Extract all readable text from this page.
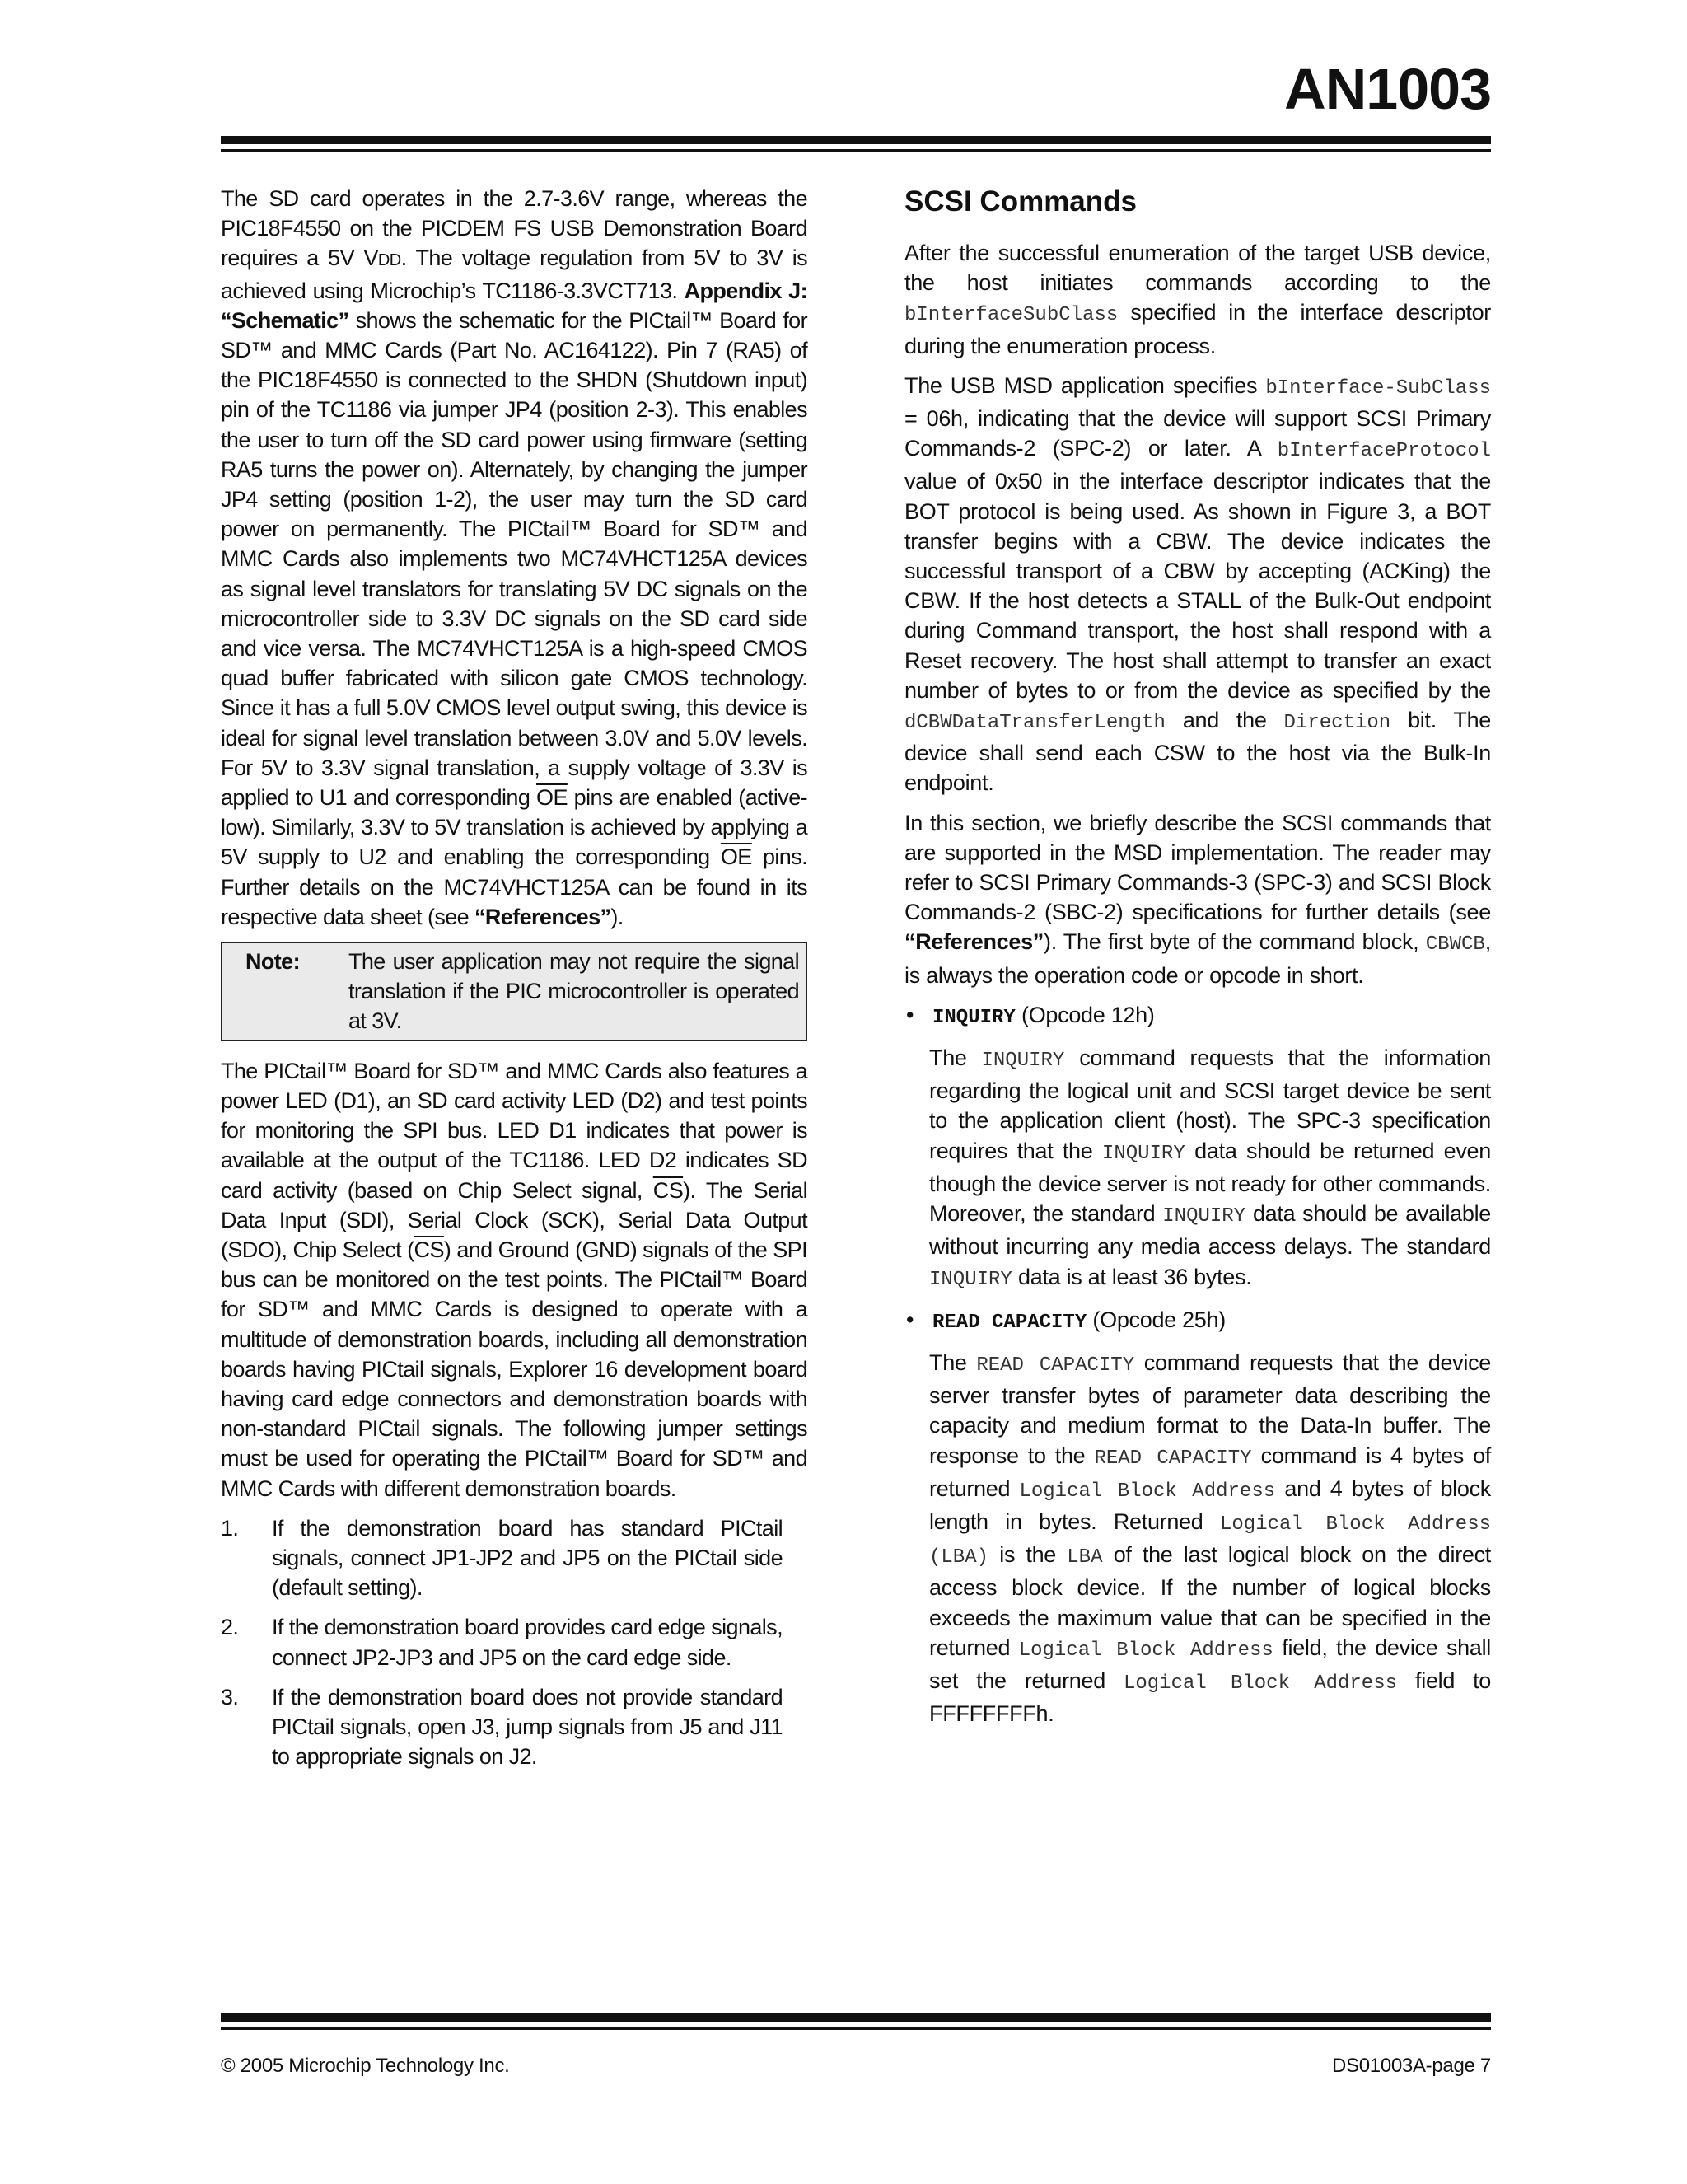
AN1003

The SD card operates in the 2.7-3.6V range, whereas the PIC18F4550 on the PICDEM FS USB Demonstration Board requires a 5V VDD. The voltage regulation from 5V to 3V is achieved using Microchip’s TC1186-3.3VCT713. Appendix J: “Schematic” shows the schematic for the PICtail™ Board for SD™ and MMC Cards (Part No. AC164122). Pin 7 (RA5) of the PIC18F4550 is connected to the SHDN (Shutdown input) pin of the TC1186 via jumper JP4 (position 2-3). This enables the user to turn off the SD card power using firmware (setting RA5 turns the power on). Alternately, by changing the jumper JP4 setting (position 1-2), the user may turn the SD card power on permanently. The PICtail™ Board for SD™ and MMC Cards also implements two MC74VHCT125A devices as signal level translators for translating 5V DC signals on the microcontroller side to 3.3V DC signals on the SD card side and vice versa. The MC74VHCT125A is a high-speed CMOS quad buffer fabricated with silicon gate CMOS technology. Since it has a full 5.0V CMOS level output swing, this device is ideal for signal level translation between 3.0V and 5.0V levels. For 5V to 3.3V signal translation, a supply voltage of 3.3V is applied to U1 and corresponding $\overline{OE}$ pins are enabled (active-low). Similarly, 3.3V to 5V translation is achieved by applying a 5V supply to U2 and enabling the corresponding $\overline{OE}$ pins. Further details on the MC74VHCT125A can be found in its respective data sheet (see “References”).

Note:	The user application may not require the signal translation if the PIC microcontroller is operated at 3V.

The PICtail™ Board for SD™ and MMC Cards also features a power LED (D1), an SD card activity LED (D2) and test points for monitoring the SPI bus. LED D1 indicates that power is available at the output of the TC1186. LED D2 indicates SD card activity (based on Chip Select signal, $\overline{CS}$). The Serial Data Input (SDI), Serial Clock (SCK), Serial Data Output (SDO), Chip Select $(\overline{CS})$ and Ground (GND) signals of the SPI bus can be monitored on the test points. The PICtail™ Board for SD™ and MMC Cards is designed to operate with a multitude of demonstration boards, including all demonstration boards having PICtail signals, Explorer 16 development board having card edge connectors and demonstration boards with non-standard PICtail signals. The following jumper settings must be used for operating the PICtail™ Board for SD™ and MMC Cards with different demonstration boards.

1.	If the demonstration board has standard PICtail signals, connect JP1-JP2 and JP5 on the PICtail side (default setting).
2.	If the demonstration board provides card edge signals, connect JP2-JP3 and JP5 on the card edge side.
3.	If the demonstration board does not provide standard PICtail signals, open J3, jump signals from J5 and J11 to appropriate signals on J2.
SCSI Commands

After the successful enumeration of the target USB device, the host initiates commands according to the bInterfaceSubClass specified in the interface descriptor during the enumeration process.

The USB MSD application specifies bInterface-SubClass = 06h, indicating that the device will support SCSI Primary Commands-2 (SPC-2) or later. A bInterfaceProtocol value of 0x50 in the interface descriptor indicates that the BOT protocol is being used. As shown in Figure 3, a BOT transfer begins with a CBW. The device indicates the successful transport of a CBW by accepting (ACKing) the CBW. If the host detects a STALL of the Bulk-Out endpoint during Command transport, the host shall respond with a Reset recovery. The host shall attempt to transfer an exact number of bytes to or from the device as specified by the dCBWDataTransferLength and the Direction bit. The device shall send each CSW to the host via the Bulk-In endpoint.

In this section, we briefly describe the SCSI commands that are supported in the MSD implementation. The reader may refer to SCSI Primary Commands-3 (SPC-3) and SCSI Block Commands-2 (SBC-2) specifications for further details (see “References”). The first byte of the command block, CBWCB, is always the operation code or opcode in short.

• INQUIRY (Opcode 12h)

The INQUIRY command requests that the information regarding the logical unit and SCSI target device be sent to the application client (host). The SPC-3 specification requires that the INQUIRY data should be returned even though the device server is not ready for other commands. Moreover, the standard INQUIRY data should be available without incurring any media access delays. The standard INQUIRY data is at least 36 bytes.

• READ CAPACITY (Opcode 25h)

The READ CAPACITY command requests that the device server transfer bytes of parameter data describing the capacity and medium format to the Data-In buffer. The response to the READ CAPACITY command is 4 bytes of returned Logical Block Address and 4 bytes of block length in bytes. Returned Logical Block Address (LBA) is the LBA of the last logical block on the direct access block device. If the number of logical blocks exceeds the maximum value that can be specified in the returned Logical Block Address field, the device shall set the returned Logical Block Address field to FFFFFFFFh.

© 2005 Microchip Technology Inc.	DS01003A-page 7
